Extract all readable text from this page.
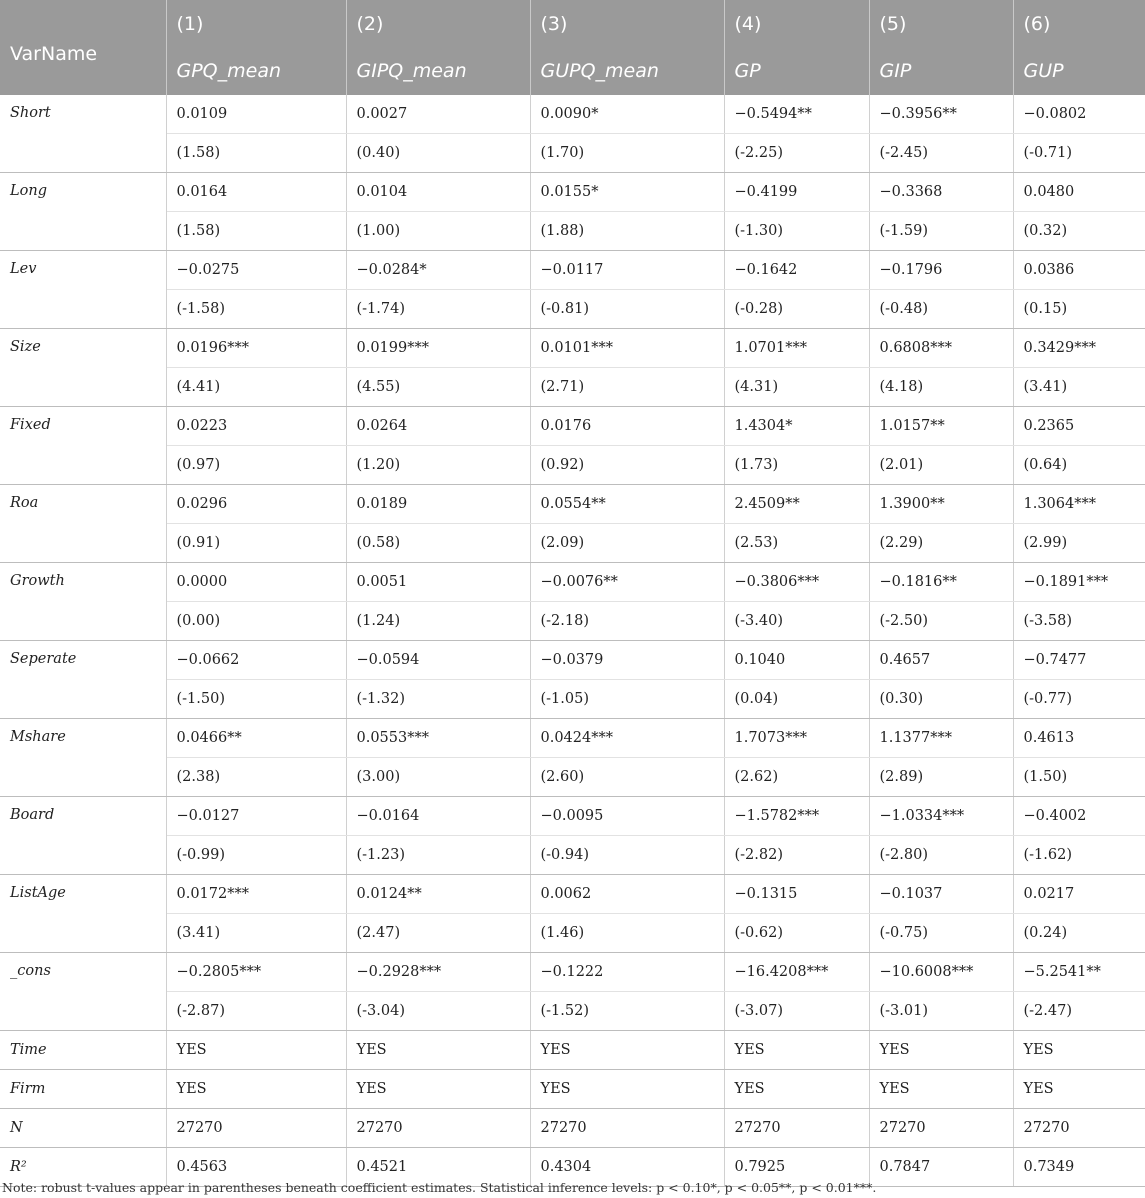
VarName	(1)	(2)	(3)	(4)	(5)	(6)
	GPQ_mean	GIPQ_mean	GUPQ_mean	GP	GIP	GUP
Short	0.0109	0.0027	0.0090*	−0.5494**	−0.3956**	−0.0802
	(1.58)	(0.40)	(1.70)	(-2.25)	(-2.45)	(-0.71)
Long	0.0164	0.0104	0.0155*	−0.4199	−0.3368	0.0480
	(1.58)	(1.00)	(1.88)	(-1.30)	(-1.59)	(0.32)
Lev	−0.0275	−0.0284*	−0.0117	−0.1642	−0.1796	0.0386
	(-1.58)	(-1.74)	(-0.81)	(-0.28)	(-0.48)	(0.15)
Size	0.0196***	0.0199***	0.0101***	1.0701***	0.6808***	0.3429***
	(4.41)	(4.55)	(2.71)	(4.31)	(4.18)	(3.41)
Fixed	0.0223	0.0264	0.0176	1.4304*	1.0157**	0.2365
	(0.97)	(1.20)	(0.92)	(1.73)	(2.01)	(0.64)
Roa	0.0296	0.0189	0.0554**	2.4509**	1.3900**	1.3064***
	(0.91)	(0.58)	(2.09)	(2.53)	(2.29)	(2.99)
Growth	0.0000	0.0051	−0.0076**	−0.3806***	−0.1816**	−0.1891***
	(0.00)	(1.24)	(-2.18)	(-3.40)	(-2.50)	(-3.58)
Seperate	−0.0662	−0.0594	−0.0379	0.1040	0.4657	−0.7477
	(-1.50)	(-1.32)	(-1.05)	(0.04)	(0.30)	(-0.77)
Mshare	0.0466**	0.0553***	0.0424***	1.7073***	1.1377***	0.4613
	(2.38)	(3.00)	(2.60)	(2.62)	(2.89)	(1.50)
Board	−0.0127	−0.0164	−0.0095	−1.5782***	−1.0334***	−0.4002
	(-0.99)	(-1.23)	(-0.94)	(-2.82)	(-2.80)	(-1.62)
ListAge	0.0172***	0.0124**	0.0062	−0.1315	−0.1037	0.0217
	(3.41)	(2.47)	(1.46)	(-0.62)	(-0.75)	(0.24)
_cons	−0.2805***	−0.2928***	−0.1222	−16.4208***	−10.6008***	−5.2541**
	(-2.87)	(-3.04)	(-1.52)	(-3.07)	(-3.01)	(-2.47)
Time	YES	YES	YES	YES	YES	YES
Firm	YES	YES	YES	YES	YES	YES
N	27270	27270	27270	27270	27270	27270
R²	0.4563	0.4521	0.4304	0.7925	0.7847	0.7349
Note: robust t-values appear in parentheses beneath coefficient estimates. Statistical inference levels: p < 0.10*, p < 0.05**, p < 0.01***.
